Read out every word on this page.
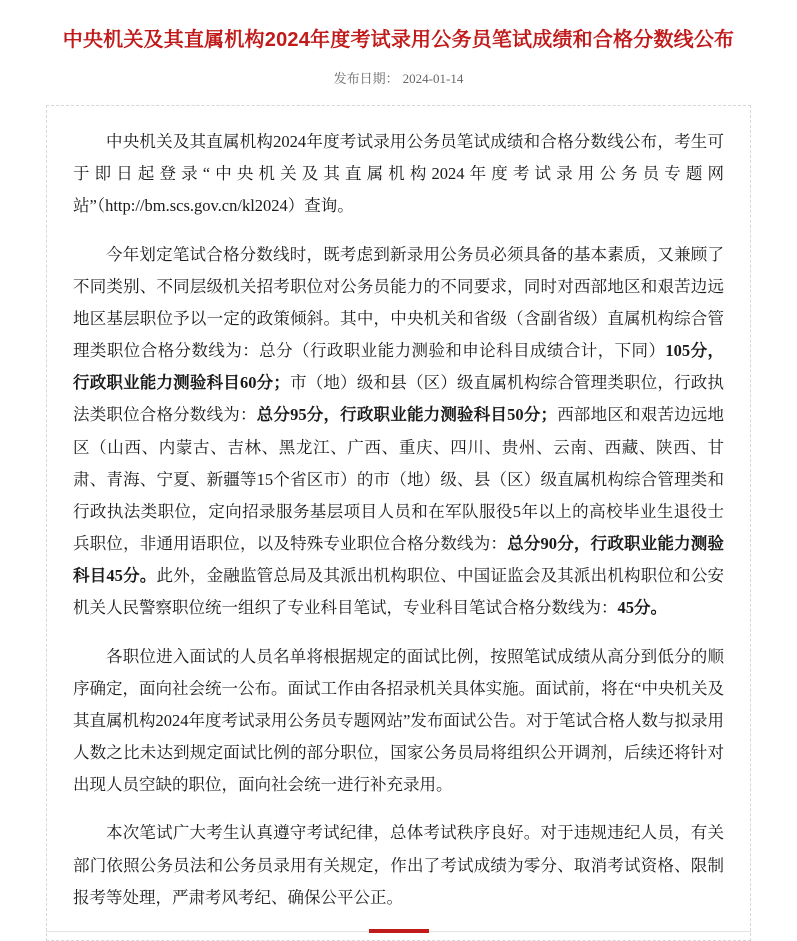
中央机关及其直属机构2024年度考试录用公务员笔试成绩和合格分数线公布
发布日期： 2024-01-14

中央机关及其直属机构2024年度考试录用公务员笔试成绩和合格分数线公布，考生可于即日起登录“中央机关及其直属机构2024年度考试录用公务员专题网站”（http://bm.scs.gov.cn/kl2024）查询。

今年划定笔试合格分数线时，既考虑到新录用公务员必须具备的基本素质，又兼顾了不同类别、不同层级机关招考职位对公务员能力的不同要求，同时对西部地区和艰苦边远地区基层职位予以一定的政策倾斜。其中，中央机关和省级（含副省级）直属机构综合管理类职位合格分数线为：总分（行政职业能力测验和申论科目成绩合计，下同）105分，行政职业能力测验科目60分；市（地）级和县（区）级直属机构综合管理类职位，行政执法类职位合格分数线为：总分95分，行政职业能力测验科目50分；西部地区和艰苦边远地区（山西、内蒙古、吉林、黑龙江、广西、重庆、四川、贵州、云南、西藏、陕西、甘肃、青海、宁夏、新疆等15个省区市）的市（地）级、县（区）级直属机构综合管理类和行政执法类职位，定向招录服务基层项目人员和在军队服役5年以上的高校毕业生退役士兵职位，非通用语职位，以及特殊专业职位合格分数线为：总分90分，行政职业能力测验科目45分。此外，金融监管总局及其派出机构职位、中国证监会及其派出机构职位和公安机关人民警察职位统一组织了专业科目笔试，专业科目笔试合格分数线为：45分。

各职位进入面试的人员名单将根据规定的面试比例，按照笔试成绩从高分到低分的顺序确定，面向社会统一公布。面试工作由各招录机关具体实施。面试前，将在“中央机关及其直属机构2024年度考试录用公务员专题网站”发布面试公告。对于笔试合格人数与拟录用人数之比未达到规定面试比例的部分职位，国家公务员局将组织公开调剂，后续还将针对出现人员空缺的职位，面向社会统一进行补充录用。

本次笔试广大考生认真遵守考试纪律，总体考试秩序良好。对于违规违纪人员，有关部门依照公务员法和公务员录用有关规定，作出了考试成绩为零分、取消考试资格、限制报考等处理，严肃考风考纪、确保公平公正。
